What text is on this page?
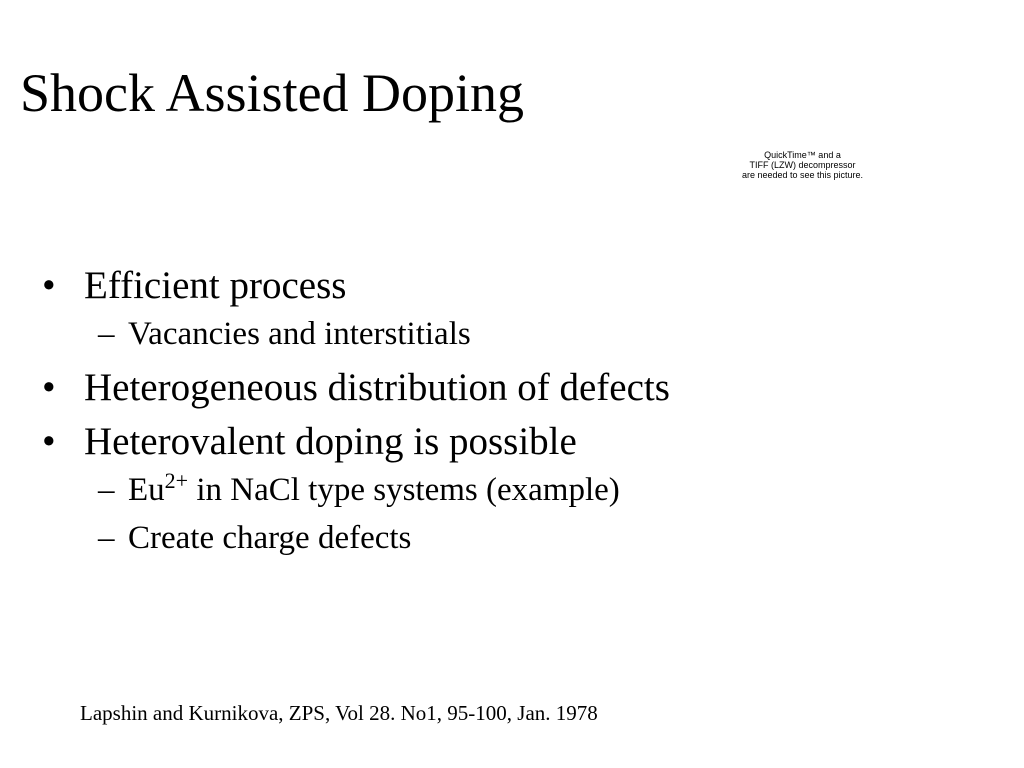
Shock Assisted Doping
QuickTime™ and a
TIFF (LZW) decompressor
are needed to see this picture.
• Efficient process
– Vacancies and interstitials
• Heterogeneous distribution of defects
• Heterovalent doping is possible
– $Eu^{2+}$ in NaCl type systems (example)
– Create charge defects
Lapshin and Kurnikova, ZPS, Vol 28. No1, 95-100, Jan. 1978
